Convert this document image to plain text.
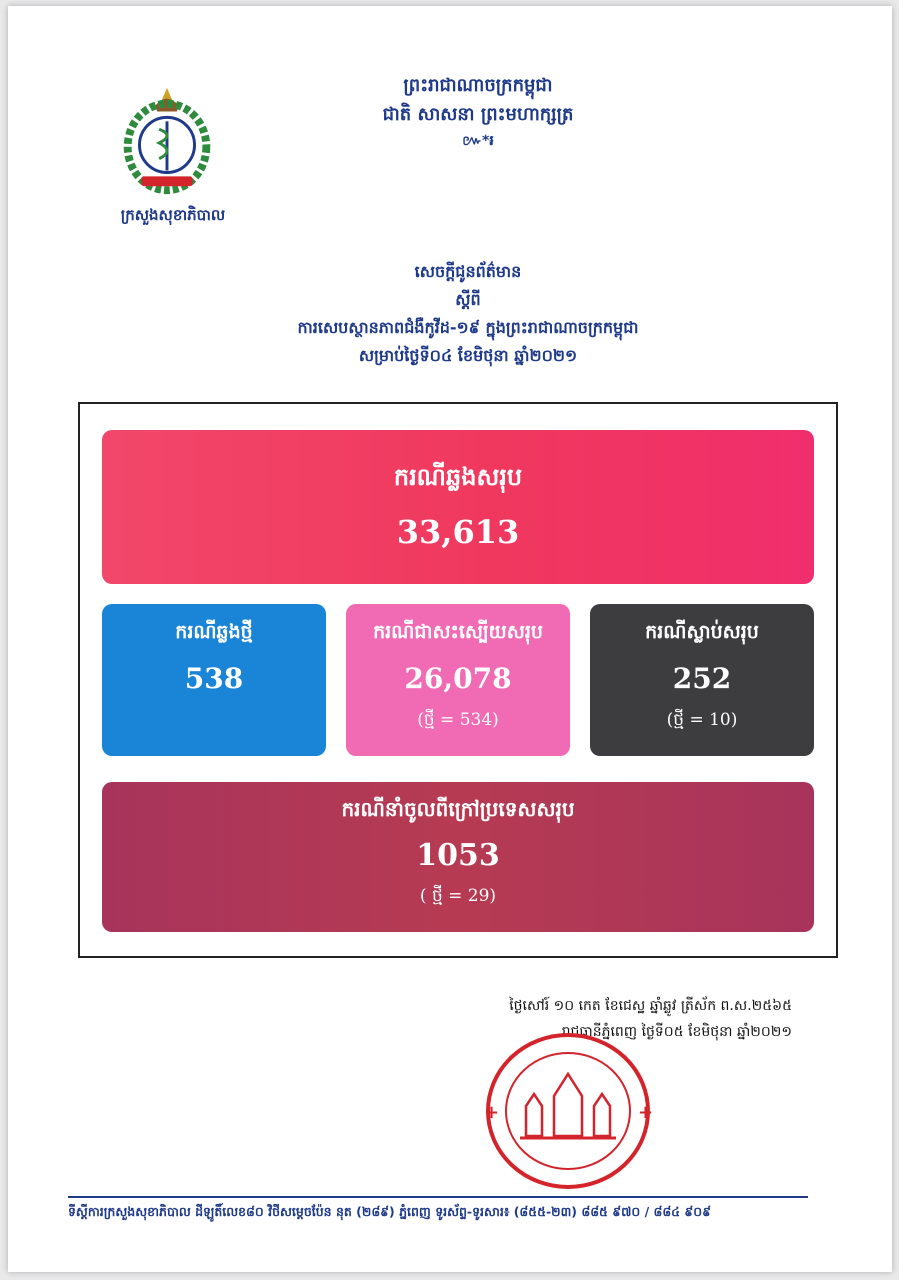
ក្រសួងសុខាភិបាល
ព្រះរាជាណាចក្រកម្ពុជា
ជាតិ សាសនា ព្រះមហាក្សត្រ
៚*៛
សេចក្ដីជូនព័ត៌មាន
ស្ដីពី
ការសេបស្ថានភាពជំងឺកូវីដ-១៩ ក្នុងព្រះរាជាណាចក្រកម្ពុជា
សម្រាប់ថ្ងៃទី០៤ ខែមិថុនា ឆ្នាំ២០២១
ករណីឆ្លងសរុប
33,613
ករណីឆ្លងថ្មី
538
ករណីជាសះស្បើយសរុប
26,078
(ថ្មី = 534)
ករណីស្លាប់សរុប
252
(ថ្មី = 10)
ករណីនាំចូលពីក្រៅប្រទេសសរុប
1053
( ថ្មី = 29)
ថ្ងៃសៅរ៍ ១០ កេត ខែជេស្ឋ ឆ្នាំឆ្លូវ ត្រីស័ក ព.ស.២៥៦៥
រាជធានីភ្នំពេញ ថ្ងៃទី០៥ ខែមិថុនា ឆ្នាំ២០២១
+	+
ទីស្ដីការក្រសួងសុខាភិបាល ដីឡូតិ៍លេខ៨០ វិថីសម្ដេចប៉ែន នុត (២៨៩) ភ្នំពេញ ទូរស័ព្ទ-ទូរសារ៖ (៨៥៥-២៣) ៨៨៥ ៩៧០ / ៨៨៤ ៩០៩
